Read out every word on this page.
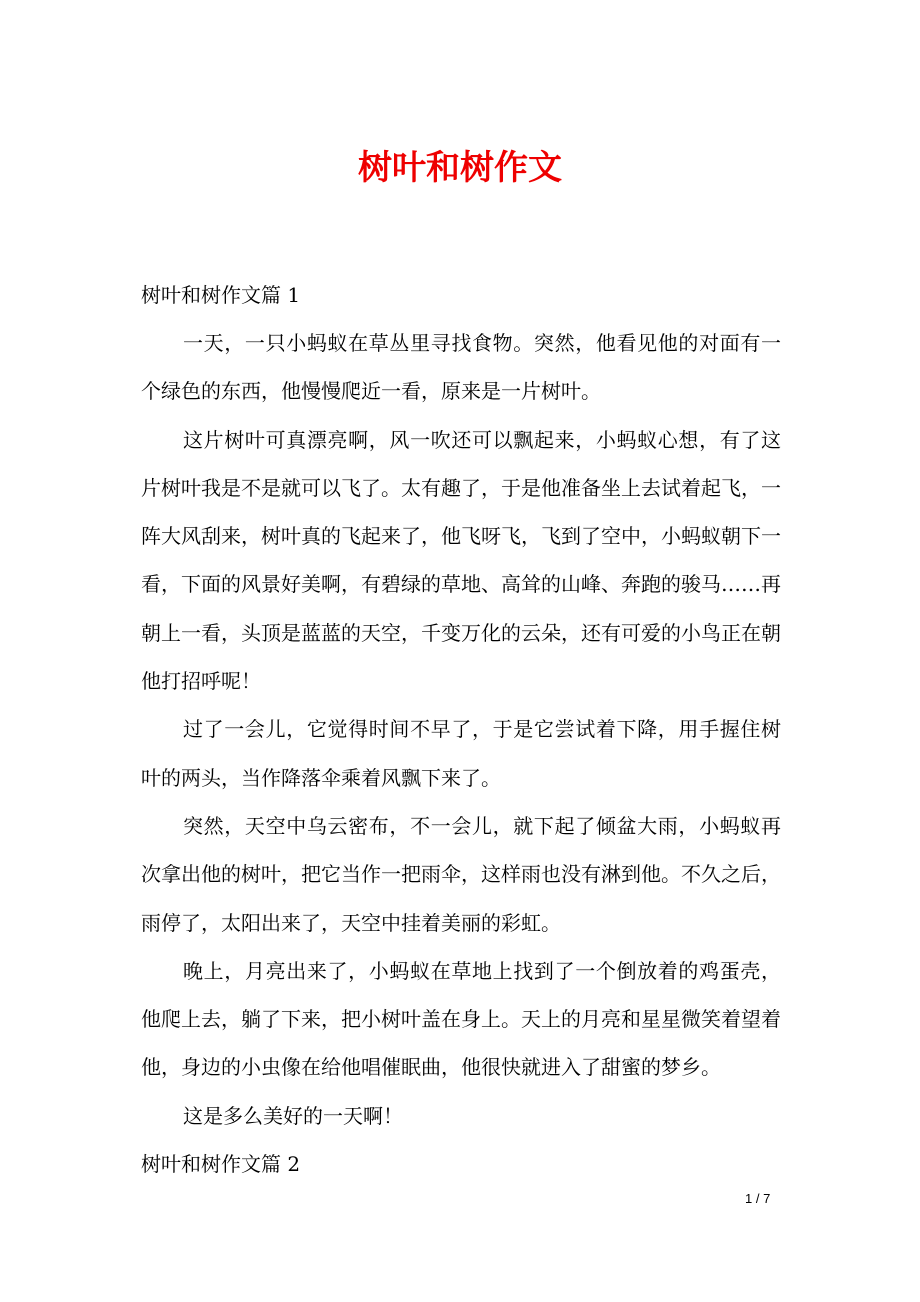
树叶和树作文

树叶和树作文篇 1

一天，一只小蚂蚁在草丛里寻找食物。突然，他看见他的对面有一个绿色的东西，他慢慢爬近一看，原来是一片树叶。

这片树叶可真漂亮啊，风一吹还可以飘起来，小蚂蚁心想，有了这片树叶我是不是就可以飞了。太有趣了，于是他准备坐上去试着起飞，一阵大风刮来，树叶真的飞起来了，他飞呀飞，飞到了空中，小蚂蚁朝下一看，下面的风景好美啊，有碧绿的草地、高耸的山峰、奔跑的骏马……再朝上一看，头顶是蓝蓝的天空，千变万化的云朵，还有可爱的小鸟正在朝他打招呼呢！

过了一会儿，它觉得时间不早了，于是它尝试着下降，用手握住树叶的两头，当作降落伞乘着风飘下来了。

突然，天空中乌云密布，不一会儿，就下起了倾盆大雨，小蚂蚁再次拿出他的树叶，把它当作一把雨伞，这样雨也没有淋到他。不久之后，雨停了，太阳出来了，天空中挂着美丽的彩虹。

晚上，月亮出来了，小蚂蚁在草地上找到了一个倒放着的鸡蛋壳，他爬上去，躺了下来，把小树叶盖在身上。天上的月亮和星星微笑着望着他，身边的小虫像在给他唱催眠曲，他很快就进入了甜蜜的梦乡。

这是多么美好的一天啊！

树叶和树作文篇 2

1 / 7
